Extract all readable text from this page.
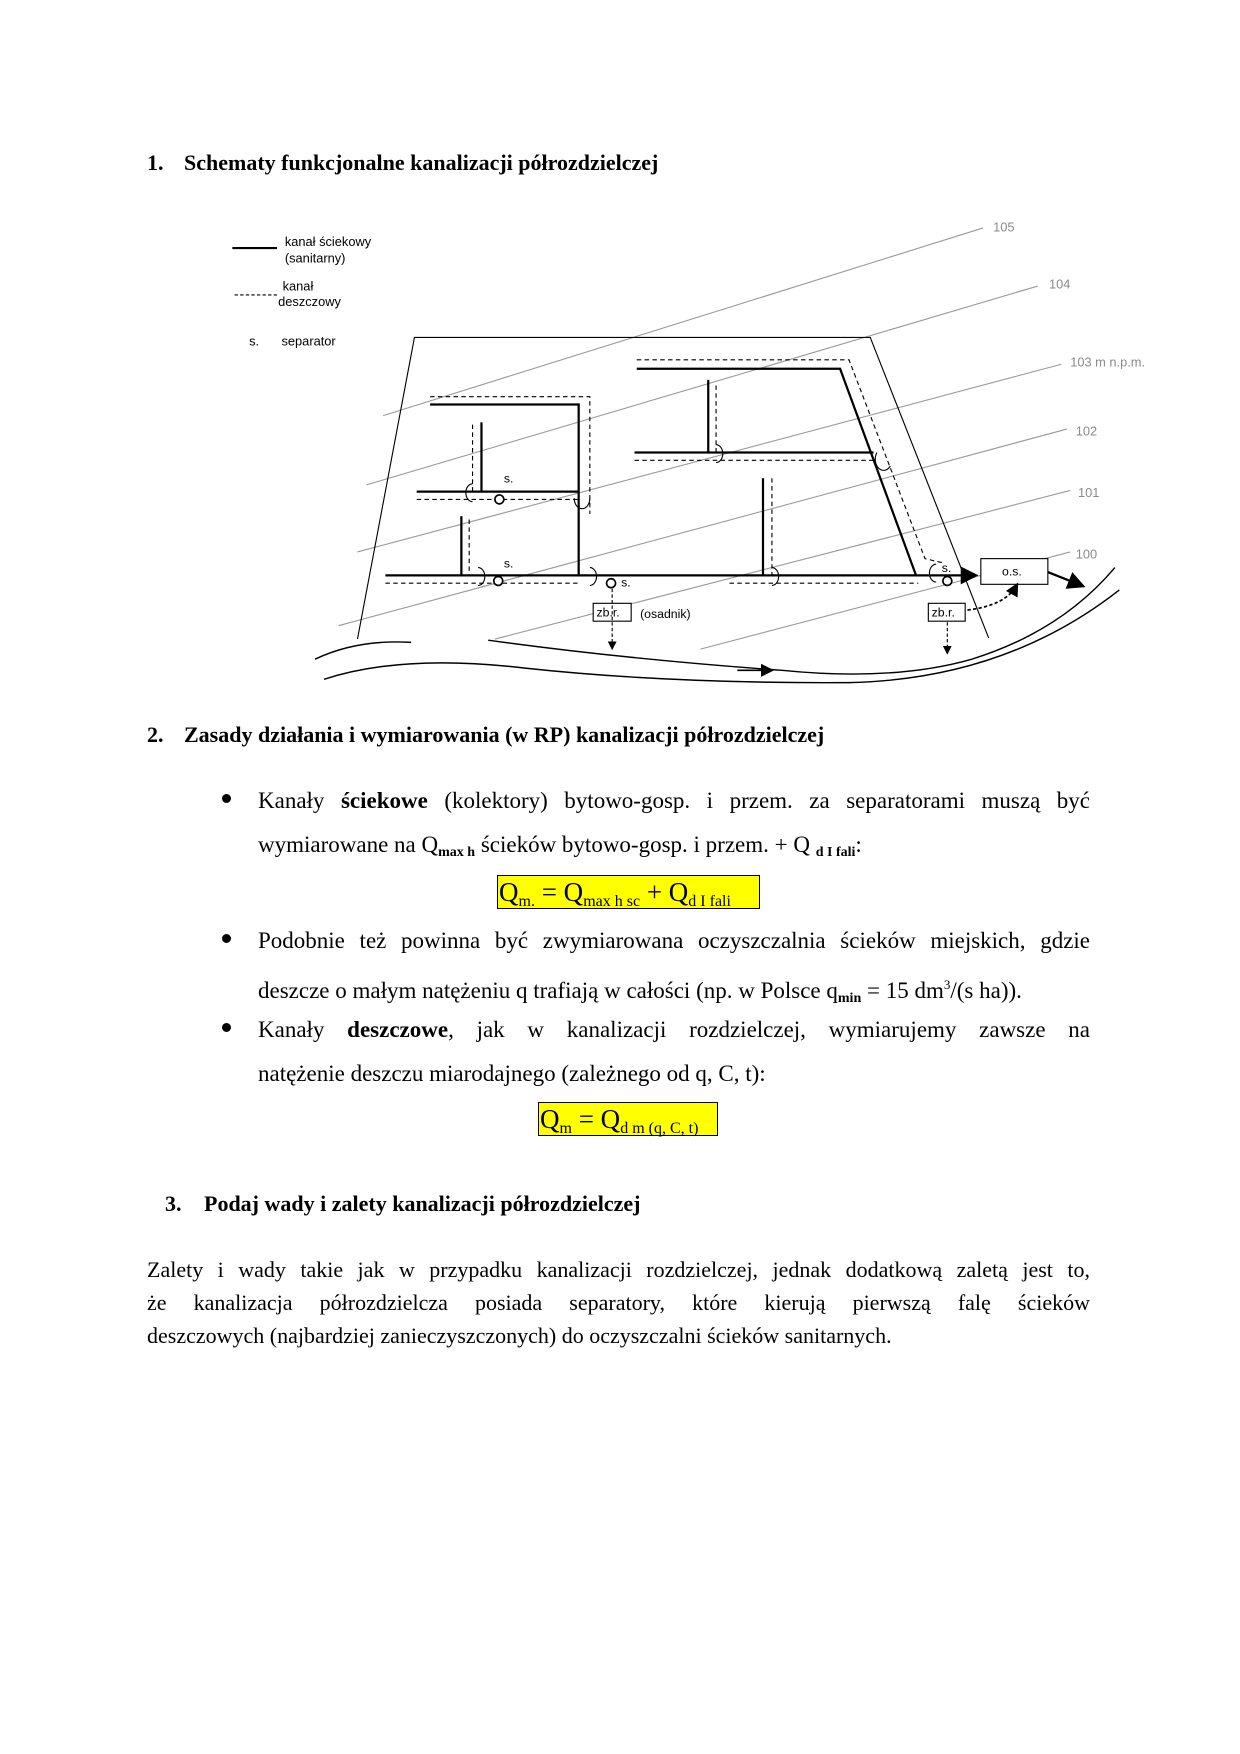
1. Schematy funkcjonalne kanalizacji półrozdzielczej
kanał ściekowy
(sanitarny)
kanał
deszczowy
s. separator
105
104
103 m n.p.m.
102
101
100
s.
s.
s.
s.
zb.r. (osadnik)	zb.r.
o.s.
2. Zasady działania i wymiarowania (w RP) kanalizacji półrozdzielczej
Kanały ściekowe (kolektory) bytowo-gosp. i przem. za separatorami muszą być
wymiarowane na $Q_{max h}$ ścieków bytowo-gosp. i przem. + Q $_{d I fali}$:
Qm. = Qmax h sc + Qd I fali
Podobnie też powinna być zwymiarowana oczyszczalnia ścieków miejskich, gdzie
deszcze o małym natężeniu q trafiają w całości (np. w Polsce $q_{min} = 15$ $dm^3/(s$ ha)).
Kanały deszczowe, jak w kanalizacji rozdzielczej, wymiarujemy zawsze na
natężenie deszczu miarodajnego (zależnego od q, C, t):
Qm = Qd m (q, C, t)
3. Podaj wady i zalety kanalizacji półrozdzielczej
Zalety i wady takie jak w przypadku kanalizacji rozdzielczej, jednak dodatkową zaletą jest to,
że kanalizacja półrozdzielcza posiada separatory, które kierują pierwszą falę ścieków
deszczowych (najbardziej zanieczyszczonych) do oczyszczalni ścieków sanitarnych.
